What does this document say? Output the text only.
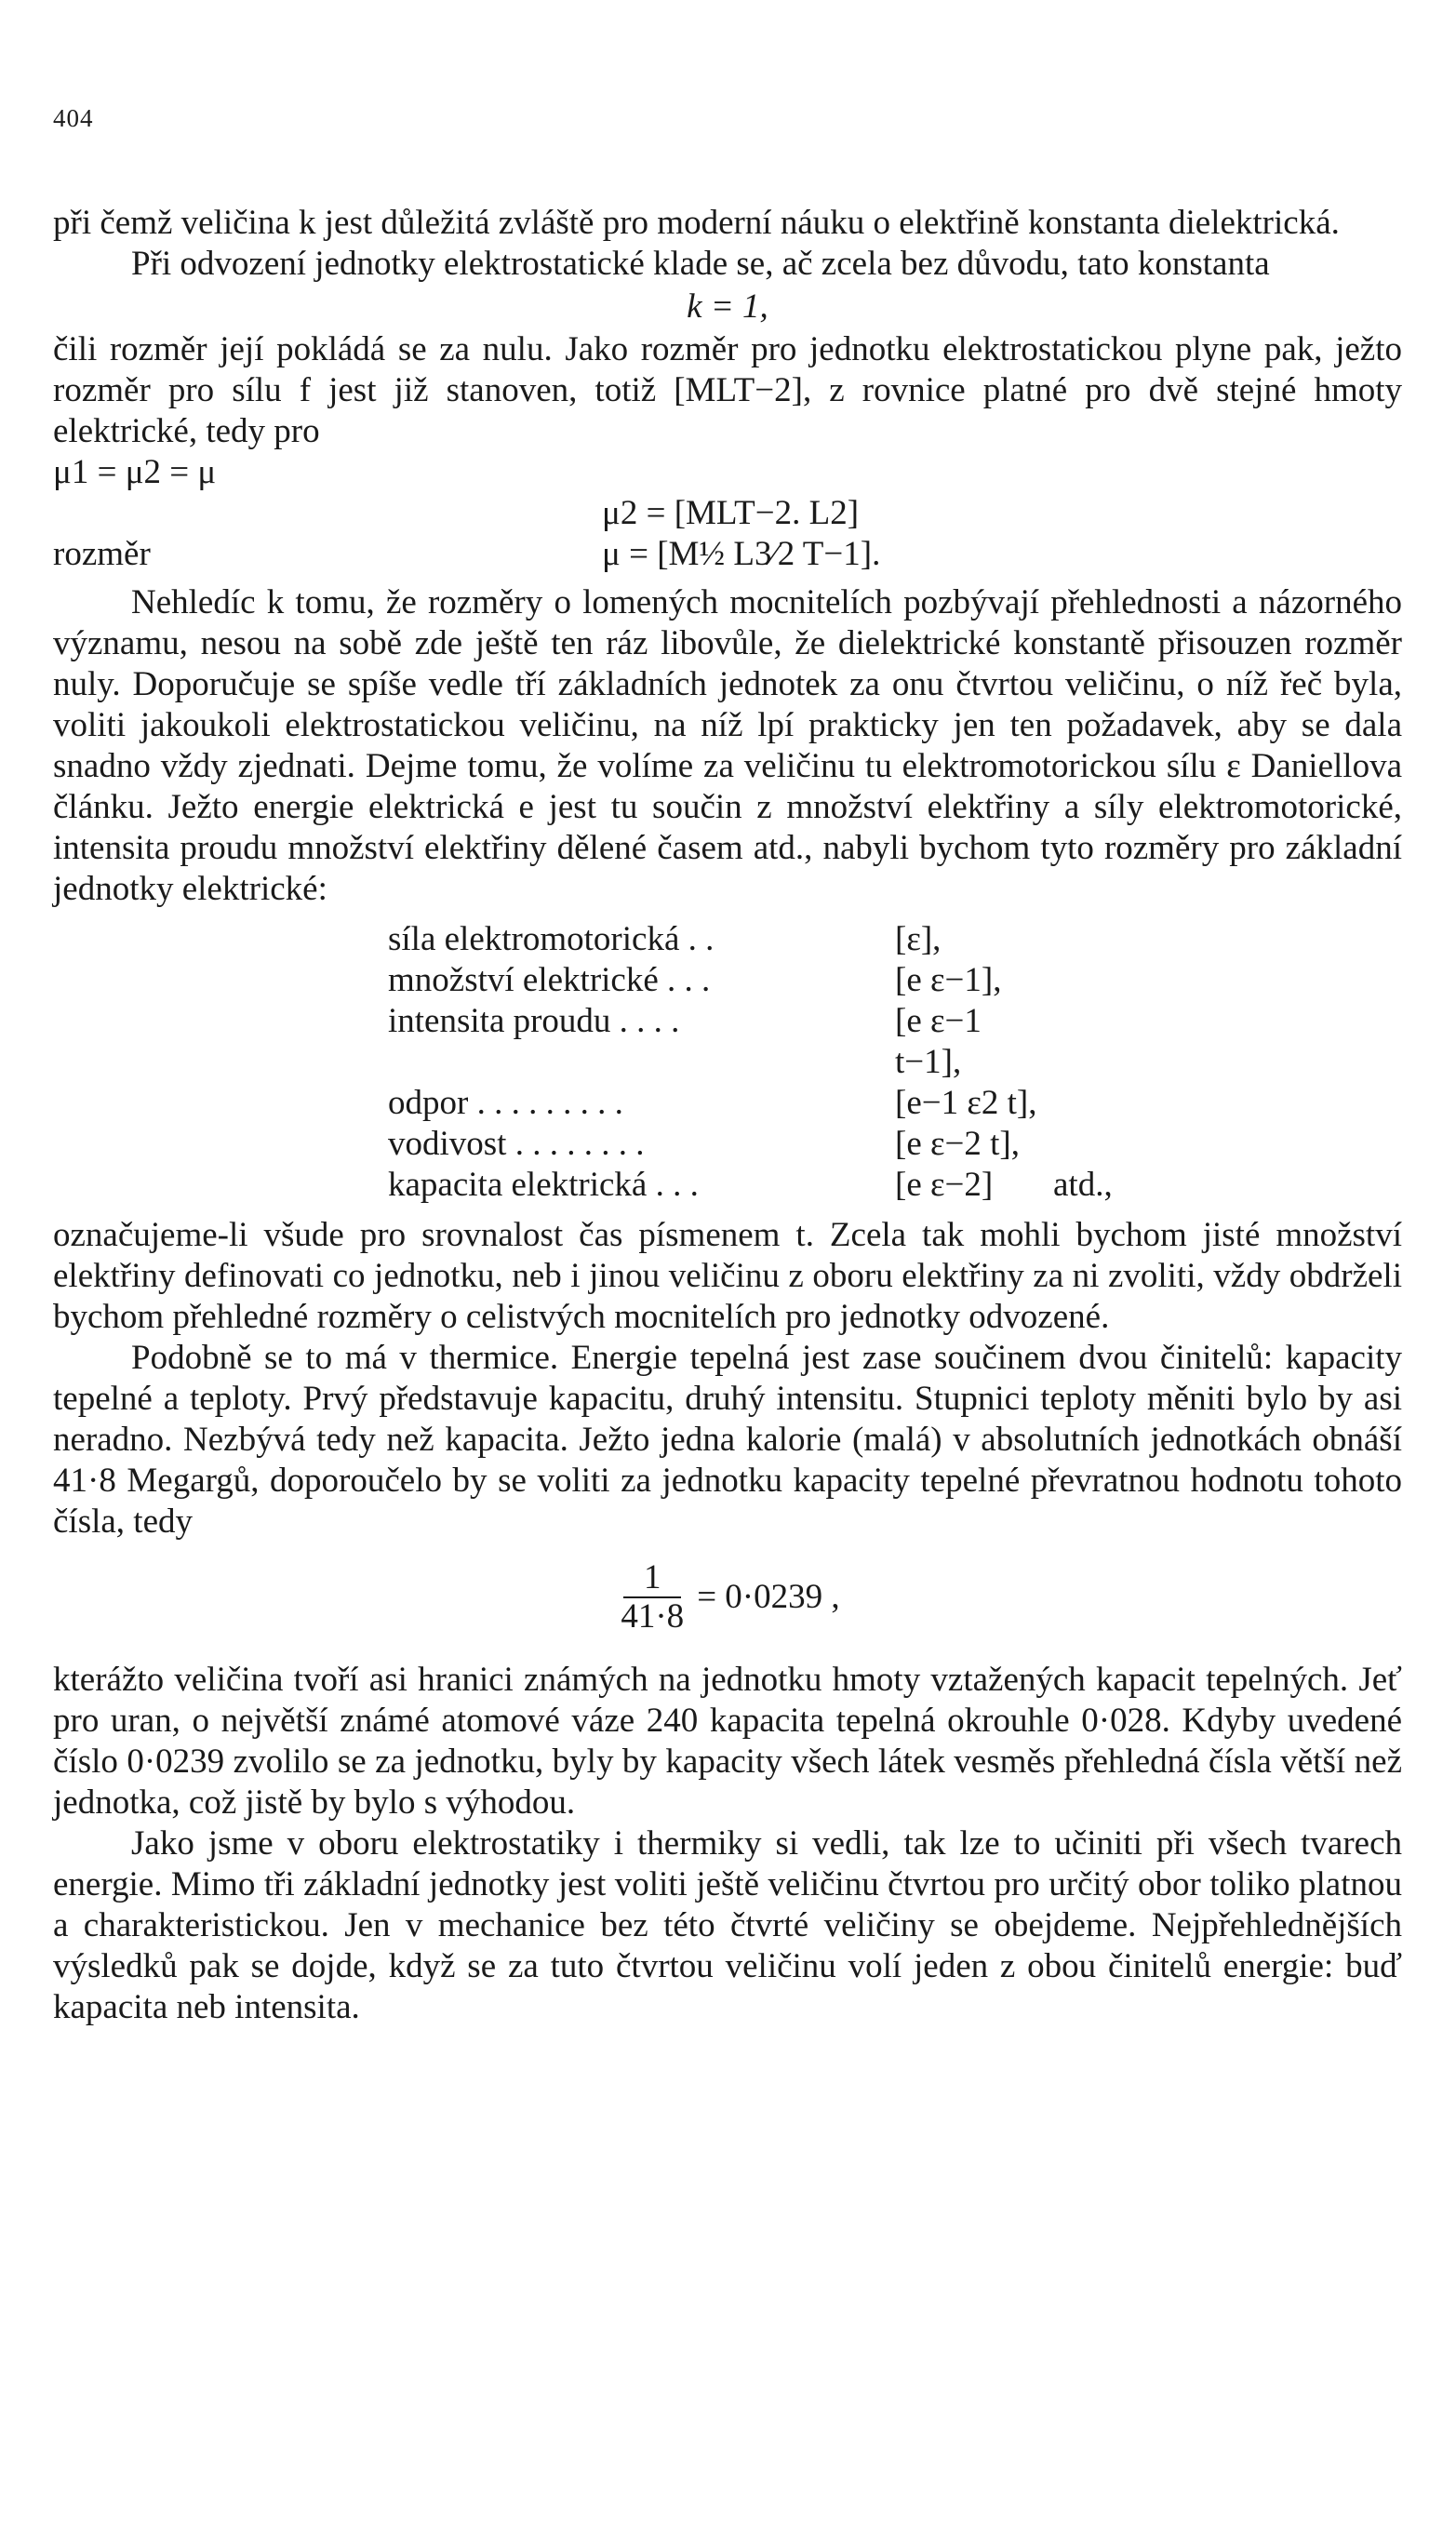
404

při čemž veličina k jest důležitá zvláště pro moderní náuku o elektřině konstanta dielektrická.

Při odvození jednotky elektrostatické klade se, ač zcela bez důvodu, tato konstanta

k = 1,

čili rozměr její pokládá se za nulu. Jako rozměr pro jednotku elektrostatickou plyne pak, ježto rozměr pro sílu f jest již stanoven, totiž [MLT−2], z rovnice platné pro dvě stejné hmoty elektrické, tedy pro

μ1 = μ2 = μ
μ2 = [MLT−2. L2]
rozměr	μ = [M½ L3⁄2 T−1].

Nehledíc k tomu, že rozměry o lomených mocnitelích pozbývají přehlednosti a názorného významu, nesou na sobě zde ještě ten ráz libovůle, že dielektrické konstantě přisouzen rozměr nuly. Doporučuje se spíše vedle tří základních jednotek za onu čtvrtou veličinu, o níž řeč byla, voliti jakoukoli elektrostatickou veličinu, na níž lpí prakticky jen ten požadavek, aby se dala snadno vždy zjednati. Dejme tomu, že volíme za veličinu tu elektromotorickou sílu ε Daniellova článku. Ježto energie elektrická e jest tu součin z množství elektřiny a síly elektromotorické, intensita proudu množství elektřiny dělené časem atd., nabyli bychom tyto rozměry pro základní jednotky elektrické:

síla elektromotorická . .	[ε],	
množství elektrické . . .	[e ε−1],	
intensita proudu . . . .	[e ε−1 t−1],	
odpor . . . . . . . . .	[e−1 ε2 t],	
vodivost . . . . . . . .	[e ε−2 t],	
kapacita elektrická . . .	[e ε−2]	atd.,

označujeme-li všude pro srovnalost čas písmenem t. Zcela tak mohli bychom jisté množství elektřiny definovati co jednotku, neb i jinou veličinu z oboru elektřiny za ni zvoliti, vždy obdrželi bychom přehledné rozměry o celistvých mocnitelích pro jednotky odvozené.

Podobně se to má v thermice. Energie tepelná jest zase součinem dvou činitelů: kapacity tepelné a teploty. Prvý představuje kapacitu, druhý intensitu. Stupnici teploty měniti bylo by asi neradno. Nezbývá tedy než kapacita. Ježto jedna kalorie (malá) v absolutních jednotkách obnáší 41·8 Megargů, doporoučelo by se voliti za jednotku kapacity tepelné převratnou hodnotu tohoto čísla, tedy

$\frac{1}{41\cdot 8} = 0\cdot 0239$ ,

kterážto veličina tvoří asi hranici známých na jednotku hmoty vztažených kapacit tepelných. Jeť pro uran, o největší známé atomové váze 240 kapacita tepelná okrouhle 0·028. Kdyby uvedené číslo 0·0239 zvolilo se za jednotku, byly by kapacity všech látek vesměs přehledná čísla větší než jednotka, což jistě by bylo s výhodou.

Jako jsme v oboru elektrostatiky i thermiky si vedli, tak lze to učiniti při všech tvarech energie. Mimo tři základní jednotky jest voliti ještě veličinu čtvrtou pro určitý obor toliko platnou a charakteristickou. Jen v mechanice bez této čtvrté veličiny se obejdeme. Nejpřehlednějších výsledků pak se dojde, když se za tuto čtvrtou veličinu volí jeden z obou činitelů energie: buď kapacita neb intensita.
